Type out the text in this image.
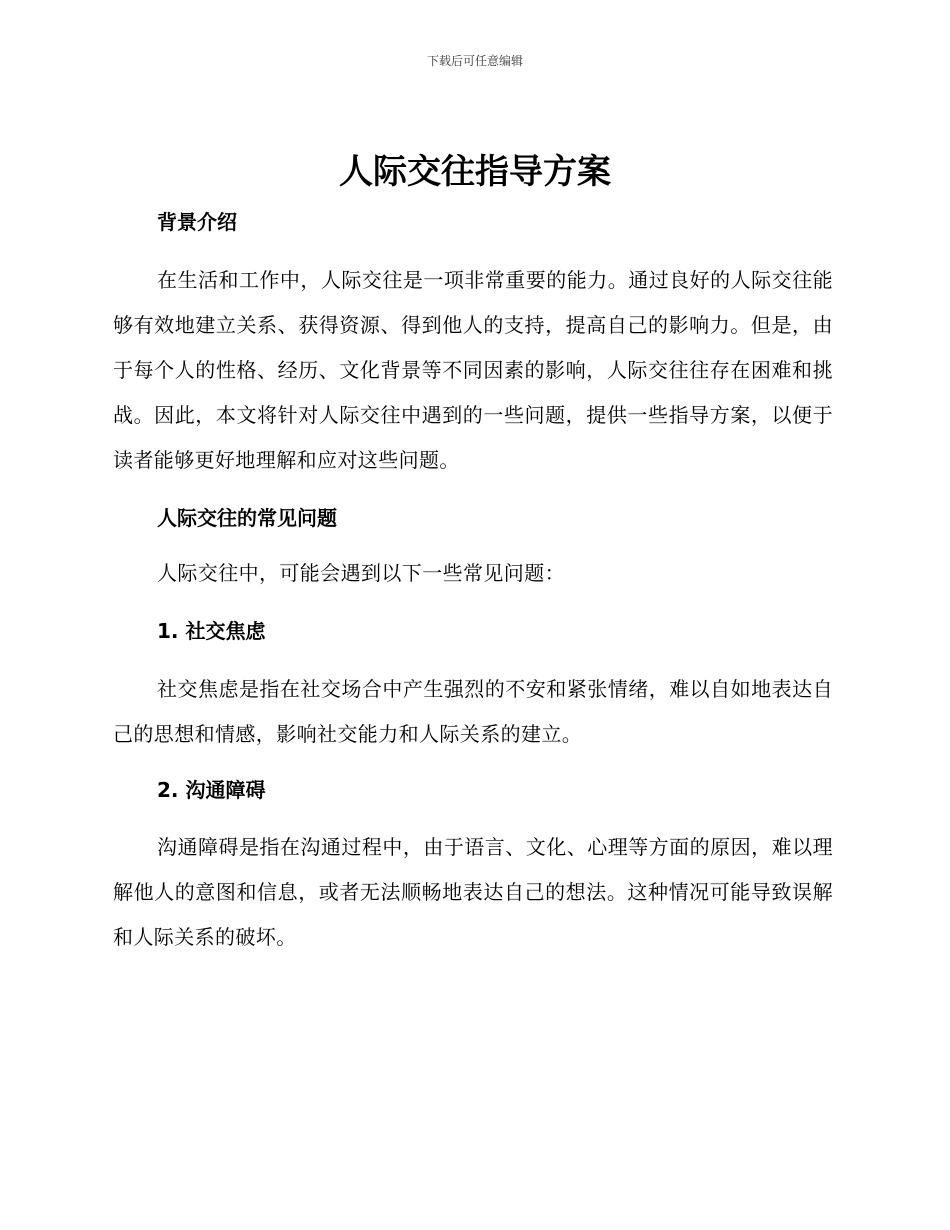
下载后可任意编辑
人际交往指导方案
背景介绍

在生活和工作中，人际交往是一项非常重要的能力。通过良好的人际交往能够有效地建立关系、获得资源、得到他人的支持，提高自己的影响力。但是，由于每个人的性格、经历、文化背景等不同因素的影响，人际交往往存在困难和挑战。因此，本文将针对人际交往中遇到的一些问题，提供一些指导方案，以便于读者能够更好地理解和应对这些问题。

人际交往的常见问题

人际交往中，可能会遇到以下一些常见问题：

1. 社交焦虑

社交焦虑是指在社交场合中产生强烈的不安和紧张情绪，难以自如地表达自己的思想和情感，影响社交能力和人际关系的建立。

2. 沟通障碍

沟通障碍是指在沟通过程中，由于语言、文化、心理等方面的原因，难以理解他人的意图和信息，或者无法顺畅地表达自己的想法。这种情况可能导致误解和人际关系的破坏。
